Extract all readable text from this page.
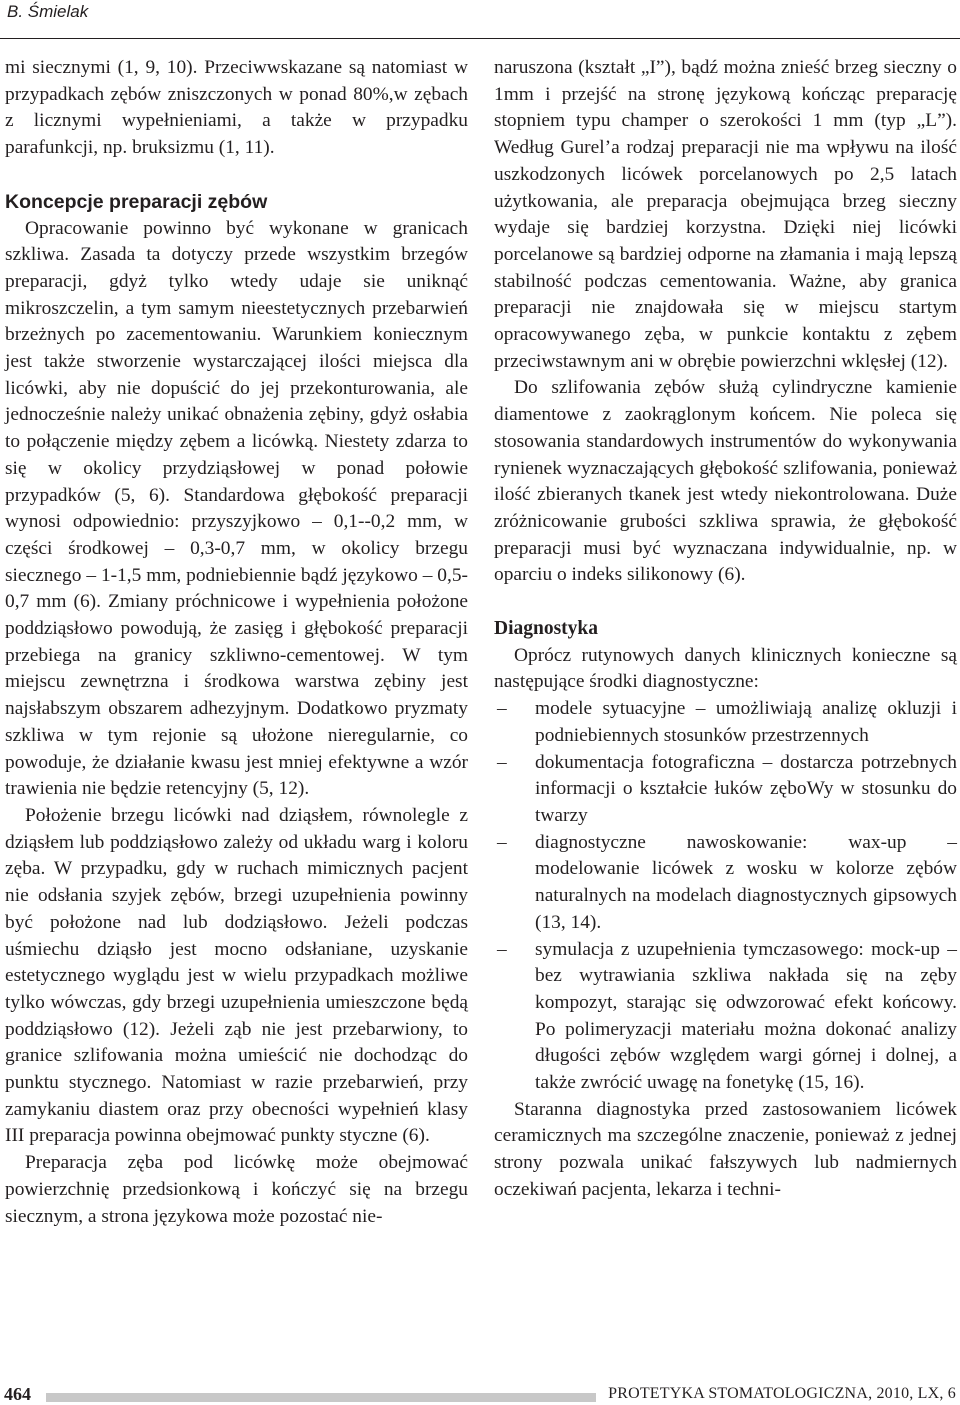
B. Śmielak

mi siecznymi (1, 9, 10). Przeciwwskazane są natomiast w przypadkach zębów zniszczonych w ponad 80%,w zębach z licznymi wypełnieniami, a także w przypadku parafunkcji, np. bruksizmu (1, 11).

Koncepcje preparacji zębów

Opracowanie powinno być wykonane w granicach szkliwa. Zasada ta dotyczy przede wszystkim brzegów preparacji, gdyż tylko wtedy udaje sie uniknąć mikroszczelin, a tym samym nieestetycznych przebarwień brzeżnych po zacementowaniu. Warunkiem koniecznym jest także stworzenie wystarczającej ilości miejsca dla licówki, aby nie dopuścić do jej przekonturowania, ale jednocześnie należy unikać obnażenia zębiny, gdyż osłabia to połączenie między zębem a licówką. Niestety zdarza to się w okolicy przydziąsłowej w ponad połowie przypadków (5, 6). Standardowa głębokość preparacji wynosi odpowiednio: przyszyjkowo – 0,1--0,2 mm, w części środkowej – 0,3-0,7 mm, w okolicy brzegu siecznego – 1-1,5 mm, podniebiennie bądź językowo – 0,5-0,7 mm (6). Zmiany próchnicowe i wypełnienia położone poddziąsłowo powodują, że zasięg i głębokość preparacji przebiega na granicy szkliwno-cementowej. W tym miejscu zewnętrzna i środkowa warstwa zębiny jest najsłabszym obszarem adhezyjnym. Dodatkowo pryzmaty szkliwa w tym rejonie są ułożone nieregularnie, co powoduje, że działanie kwasu jest mniej efektywne a wzór trawienia nie będzie retencyjny (5, 12).

Położenie brzegu licówki nad dziąsłem, równolegle z dziąsłem lub poddziąsłowo zależy od układu warg i koloru zęba. W przypadku, gdy w ruchach mimicznych pacjent nie odsłania szyjek zębów, brzegi uzupełnienia powinny być położone nad lub dodziąsłowo. Jeżeli podczas uśmiechu dziąsło jest mocno odsłaniane, uzyskanie estetycznego wyglądu jest w wielu przypadkach możliwe tylko wówczas, gdy brzegi uzupełnienia umieszczone będą poddziąsłowo (12). Jeżeli ząb nie jest przebarwiony, to granice szlifowania można umieścić nie dochodząc do punktu stycznego. Natomiast w razie przebarwień, przy zamykaniu diastem oraz przy obecności wypełnień klasy III preparacja powinna obejmować punkty styczne (6).

Preparacja zęba pod licówkę może obejmować powierzchnię przedsionkową i kończyć się na brzegu siecznym, a strona językowa może pozostać nie-

naruszona (kształt „I”), bądź można znieść brzeg sieczny o 1mm i przejść na stronę językową kończąc preparację stopniem typu champer o szerokości 1 mm (typ „L”). Według Gurel’a rodzaj preparacji nie ma wpływu na ilość uszkodzonych licówek porcelanowych po 2,5 latach użytkowania, ale preparacja obejmująca brzeg sieczny wydaje się bardziej korzystna. Dzięki niej licówki porcelanowe są bardziej odporne na złamania i mają lepszą stabilność podczas cementowania. Ważne, aby granica preparacji nie znajdowała się w miejscu startym opracowywanego zęba, w punkcie kontaktu z zębem przeciwstawnym ani w obrębie powierzchni wklęsłej (12).

Do szlifowania zębów służą cylindryczne kamienie diamentowe z zaokrąglonym końcem. Nie poleca się stosowania standardowych instrumentów do wykonywania rynienek wyznaczających głębokość szlifowania, ponieważ ilość zbieranych tkanek jest wtedy niekontrolowana. Duże zróżnicowanie grubości szkliwa sprawia, że głębokość preparacji musi być wyznaczana indywidualnie, np. w oparciu o indeks silikonowy (6).

Diagnostyka

Oprócz rutynowych danych klinicznych konieczne są następujące środki diagnostyczne:

– modele sytuacyjne – umożliwiają analizę okluzji i podniebiennych stosunków przestrzennych
– dokumentacja fotograficzna – dostarcza potrzebnych informacji o kształcie łuków zęboWy w stosunku do twarzy
– diagnostyczne nawoskowanie: wax-up – modelowanie licówek z wosku w kolorze zębów naturalnych na modelach diagnostycznych gipsowych (13, 14).
– symulacja z uzupełnienia tymczasowego: mock-up – bez wytrawiania szkliwa nakłada się na zęby kompozyt, starając się odwzorować efekt końcowy. Po polimeryzacji materiału można dokonać analizy długości zębów względem wargi górnej i dolnej, a także zwrócić uwagę na fonetykę (15, 16).

Staranna diagnostyka przed zastosowaniem licówek ceramicznych ma szczególne znaczenie, ponieważ z jednej strony pozwala unikać fałszywych lub nadmiernych oczekiwań pacjenta, lekarza i techni-

464	PROTETYKA STOMATOLOGICZNA, 2010, LX, 6
